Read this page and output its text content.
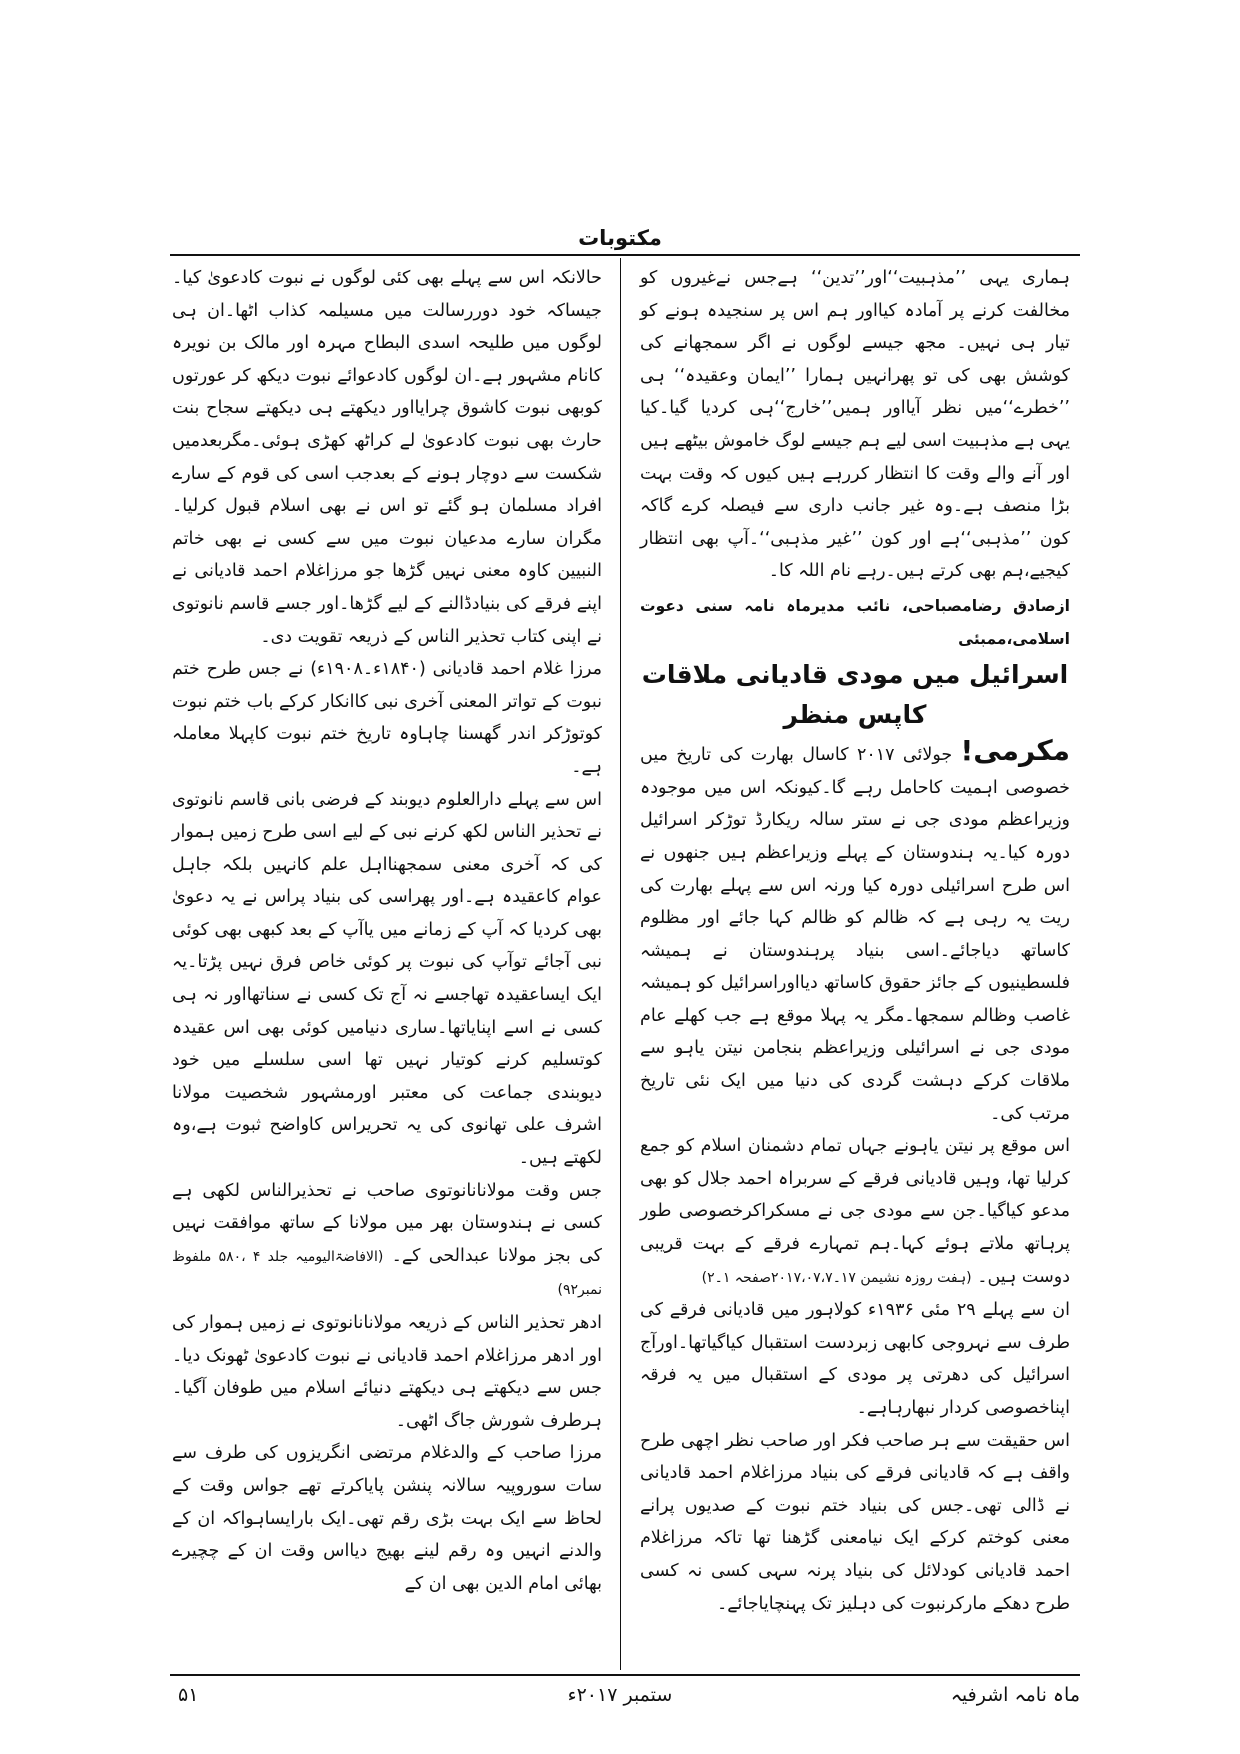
مکتوبات

ہماری یہی ’’مذہبیت‘‘اور’’تدین‘‘ ہےجس نےغیروں کو مخالفت کرنے پر آمادہ کیااور ہم اس پر سنجیدہ ہونے کو تیار ہی نہیں۔ مجھ جیسے لوگوں نے اگر سمجھانے کی کوشش بھی کی تو پھرانہیں ہمارا ’’ایمان وعقیدہ‘‘ ہی ’’خطرے‘‘میں نظر آیااور ہمیں’’خارج‘‘ہی کردیا گیا۔کیا یہی ہے مذہبیت اسی لیے ہم جیسے لوگ خاموش بیٹھے ہیں اور آنے والے وقت کا انتظار کررہے ہیں کیوں کہ وقت بہت بڑا منصف ہے۔وہ غیر جانب داری سے فیصلہ کرے گاکہ کون ’’مذہبی‘‘ہے اور کون ’’غیر مذہبی‘‘۔آپ بھی انتظار کیجیے،ہم بھی کرتے ہیں۔رہے نام اللہ کا۔

ازصادق رضامصباحی، نائب مدیرماہ نامہ سنی دعوت اسلامی،ممبئی

اسرائیل میں مودی قادیانی ملاقات کاپس منظر

مکرمی! جولائی ۲۰۱۷ کاسال بھارت کی تاریخ میں خصوصی اہمیت کاحامل رہے گا۔کیونکہ اس میں موجودہ وزیراعظم مودی جی نے ستر سالہ ریکارڈ توڑکر اسرائیل دورہ کیا۔یہ ہندوستان کے پہلے وزیراعظم ہیں جنھوں نے اس طرح اسرائیلی دورہ کیا ورنہ اس سے پہلے بھارت کی ریت یہ رہی ہے کہ ظالم کو ظالم کہا جائے اور مظلوم کاساتھ دیاجائے۔اسی بنیاد پرہندوستان نے ہمیشہ فلسطینیوں کے جائز حقوق کاساتھ دیااوراسرائیل کو ہمیشہ غاصب وظالم سمجھا۔مگر یہ پہلا موقع ہے جب کھلے عام مودی جی نے اسرائیلی وزیراعظم بنجامن نیتن یاہو سے ملاقات کرکے دہشت گردی کی دنیا میں ایک نئی تاریخ مرتب کی۔

اس موقع پر نیتن یاہونے جہاں تمام دشمنان اسلام کو جمع کرلیا تھا، وہیں قادیانی فرقے کے سربراہ احمد جلال کو بھی مدعو کیاگیا۔جن سے مودی جی نے مسکراکرخصوصی طور پرہاتھ ملاتے ہوئے کہا۔ہم تمہارے فرقے کے بہت قریبی دوست ہیں۔ (ہفت روزہ نشیمن ۱۷۔۲۰۱۷،۰۷،۷صفحہ ۱۔۲)

ان سے پہلے ۲۹ مئی ۱۹۳۶ء کولاہور میں قادیانی فرقے کی طرف سے نہروجی کابھی زبردست استقبال کیاگیاتھا۔اورآج اسرائیل کی دھرتی پر مودی کے استقبال میں یہ فرقہ اپناخصوصی کردار نبھارہاہے۔

اس حقیقت سے ہر صاحب فکر اور صاحب نظر اچھی طرح واقف ہے کہ قادیانی فرقے کی بنیاد مرزاغلام احمد قادیانی نے ڈالی تھی۔جس کی بنیاد ختم نبوت کے صدیوں پرانے معنی کوختم کرکے ایک نیامعنی گڑھنا تھا تاکہ مرزاغلام احمد قادیانی کودلائل کی بنیاد پرنہ سہی کسی نہ کسی طرح دھکے مارکرنبوت کی دہلیز تک پہنچایاجائے۔

حالانکہ اس سے پہلے بھی کئی لوگوں نے نبوت کادعویٰ کیا۔جیساکہ خود دوررسالت میں مسیلمہ کذاب اٹھا۔ان ہی لوگوں میں طلیحہ اسدی البطاح مہرہ اور مالک بن نویرہ کانام مشہور ہے۔ان لوگوں کادعوائے نبوت دیکھ کر عورتوں کوبھی نبوت کاشوق چرایااور دیکھتے ہی دیکھتے سجاح بنت حارث بھی نبوت کادعویٰ لے کراٹھ کھڑی ہوئی۔مگربعدمیں شکست سے دوچار ہونے کے بعدجب اسی کی قوم کے سارے افراد مسلمان ہو گئے تو اس نے بھی اسلام قبول کرلیا۔مگران سارے مدعیان نبوت میں سے کسی نے بھی خاتم النبیین کاوہ معنی نہیں گڑھا جو مرزاغلام احمد قادیانی نے اپنے فرقے کی بنیادڈالنے کے لیے گڑھا۔اور جسے قاسم نانوتوی نے اپنی کتاب تحذیر الناس کے ذریعہ تقویت دی۔

مرزا غلام احمد قادیانی (۱۸۴۰ء۔۱۹۰۸ء) نے جس طرح ختم نبوت کے تواتر المعنی آخری نبی کاانکار کرکے باب ختم نبوت کوتوڑکر اندر گھسنا چاہاوہ تاریخ ختم نبوت کاپہلا معاملہ ہے۔

اس سے پہلے دارالعلوم دیوبند کے فرضی بانی قاسم نانوتوی نے تحذیر الناس لکھ کرنے نبی کے لیے اسی طرح زمیں ہموار کی کہ آخری معنی سمجھنااہل علم کانہیں بلکہ جاہل عوام کاعقیدہ ہے۔اور پھراسی کی بنیاد پراس نے یہ دعویٰ بھی کردیا کہ آپ کے زمانے میں یاآپ کے بعد کبھی بھی کوئی نبی آجائے توآپ کی نبوت پر کوئی خاص فرق نہیں پڑتا۔یہ ایک ایساعقیدہ تھاجسے نہ آج تک کسی نے سناتھااور نہ ہی کسی نے اسے اپنایاتھا۔ساری دنیامیں کوئی بھی اس عقیدہ کوتسلیم کرنے کوتیار نہیں تھا اسی سلسلے میں خود دیوبندی جماعت کی معتبر اورمشہور شخصیت مولانا اشرف علی تھانوی کی یہ تحریراس کاواضح ثبوت ہے،وہ لکھتے ہیں۔

جس وقت مولانانانوتوی صاحب نے تحذیرالناس لکھی ہے کسی نے ہندوستان بھر میں مولانا کے ساتھ موافقت نہیں کی بجز مولانا عبدالحی کے۔ (الافاضۃالیومیہ جلد ۴ ،۵۸۰ ملفوظ نمبر۹۲)

ادھر تحذیر الناس کے ذریعہ مولانانانوتوی نے زمیں ہموار کی اور ادھر مرزاغلام احمد قادیانی نے نبوت کادعویٰ ٹھونک دیا۔جس سے دیکھتے ہی دیکھتے دنیائے اسلام میں طوفان آگیا۔ہرطرف شورش جاگ اٹھی۔

مرزا صاحب کے والدغلام مرتضی انگریزوں کی طرف سے سات سوروپیہ سالانہ پنشن پایاکرتے تھے جواس وقت کے لحاظ سے ایک بہت بڑی رقم تھی۔ایک بارایساہواکہ ان کے والدنے انہیں وہ رقم لینے بھیج دیااس وقت ان کے چچیرے بھائی امام الدین بھی ان کے

۵۱	ستمبر ۲۰۱۷ء	ماہ نامہ اشرفیہ
